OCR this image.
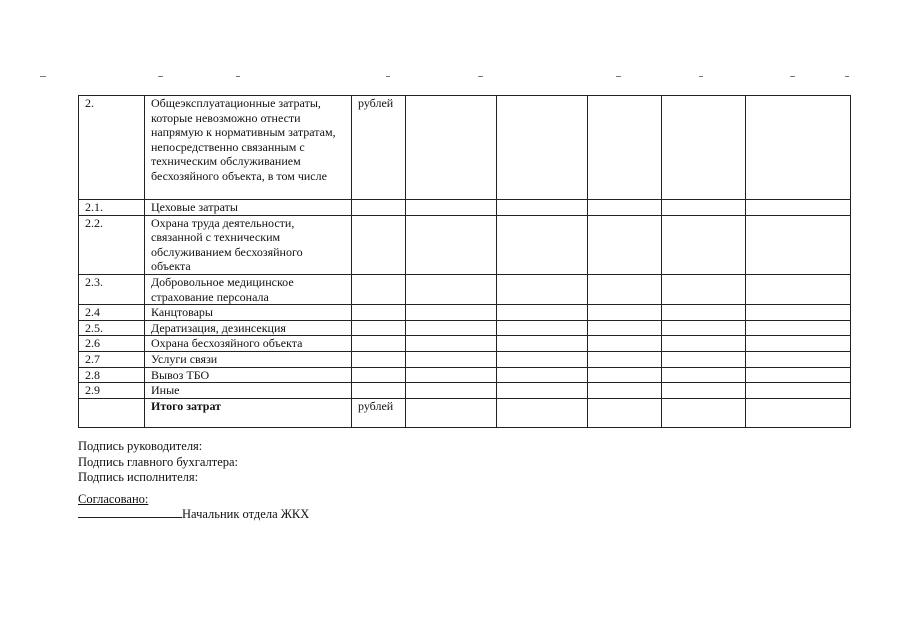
2.	Общеэксплуатационные затраты, которые невозможно отнести напрямую к нормативным затратам, непосредственно связанным с техническим обслуживанием бесхозяйного объекта, в том числе	рублей					
2.1.	Цеховые затраты						
2.2.	Охрана труда деятельности, связанной с техническим обслуживанием бесхозяйного объекта						
2.3.	Добровольное медицинское страхование персонала						
2.4	Канцтовары						
2.5.	Дератизация, дезинсекция						
2.6	Охрана бесхозяйного объекта						
2.7	Услуги связи						
2.8	Вывоз ТБО						
2.9	Иные						
	Итого затрат	рублей					

Подпись руководителя:

Подпись главного бухгалтера:

Подпись исполнителя:

Согласовано:

Начальник отдела ЖКХ
